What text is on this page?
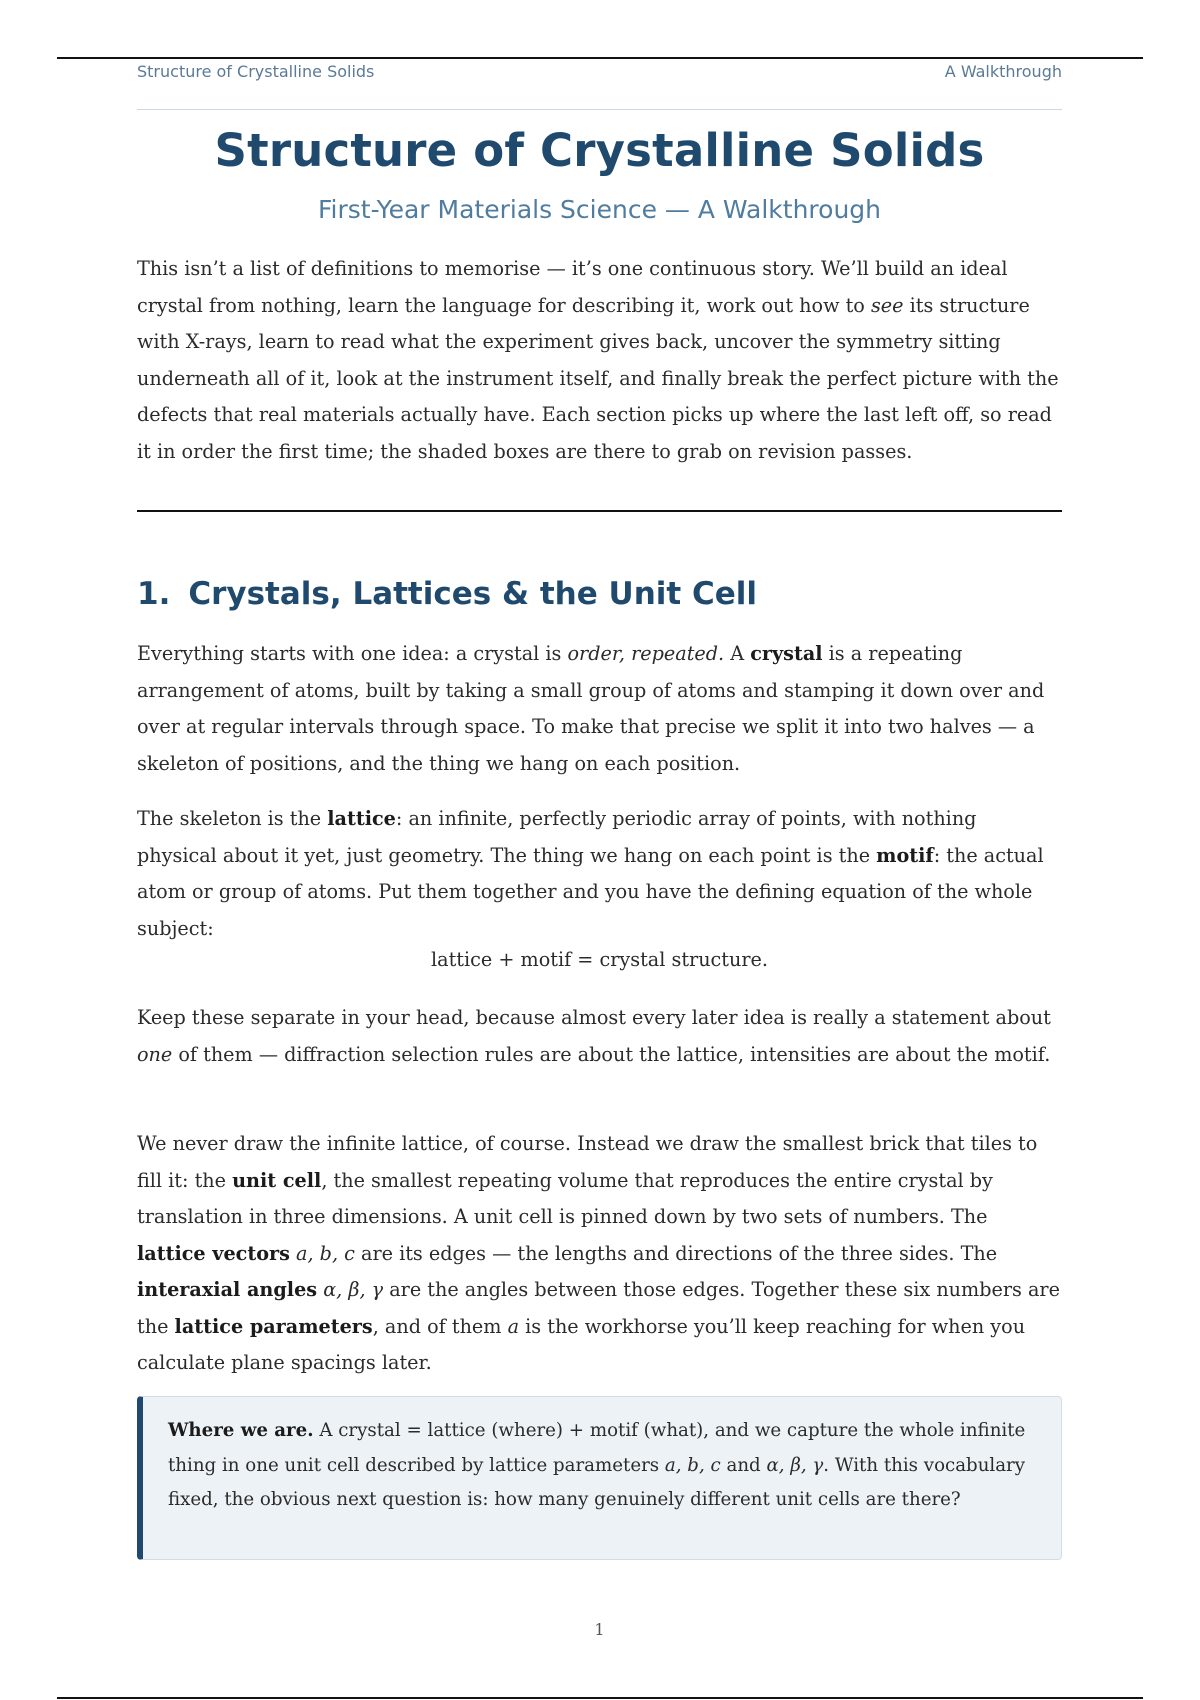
Structure of Crystalline Solids	A Walkthrough
Structure of Crystalline Solids
First-Year Materials Science — A Walkthrough

This isn’t a list of definitions to memorise — it’s one continuous story. We’ll build an ideal crystal from nothing, learn the language for describing it, work out how to see its structure with X-rays, learn to read what the experiment gives back, uncover the symmetry sitting underneath all of it, look at the instrument itself, and finally break the perfect picture with the defects that real materials actually have. Each section picks up where the last left off, so read it in order the first time; the shaded boxes are there to grab on revision passes.

1. Crystals, Lattices & the Unit Cell

Everything starts with one idea: a crystal is order, repeated. A crystal is a repeating arrangement of atoms, built by taking a small group of atoms and stamping it down over and over at regular intervals through space. To make that precise we split it into two halves — a skeleton of positions, and the thing we hang on each position.

The skeleton is the lattice: an infinite, perfectly periodic array of points, with nothing physical about it yet, just geometry. The thing we hang on each point is the motif: the actual atom or group of atoms. Put them together and you have the defining equation of the whole subject:

lattice + motif = crystal structure.

Keep these separate in your head, because almost every later idea is really a statement about one of them — diffraction selection rules are about the lattice, intensities are about the motif.

We never draw the infinite lattice, of course. Instead we draw the smallest brick that tiles to fill it: the unit cell, the smallest repeating volume that reproduces the entire crystal by translation in three dimensions. A unit cell is pinned down by two sets of numbers. The lattice vectors a, b, c are its edges — the lengths and directions of the three sides. The interaxial angles α, β, γ are the angles between those edges. Together these six numbers are the lattice parameters, and of them a is the workhorse you’ll keep reaching for when you calculate plane spacings later.

Where we are. A crystal = lattice (where) + motif (what), and we capture the whole infinite thing in one unit cell described by lattice parameters a, b, c and α, β, γ. With this vocabulary fixed, the obvious next question is: how many genuinely different unit cells are there?
1
